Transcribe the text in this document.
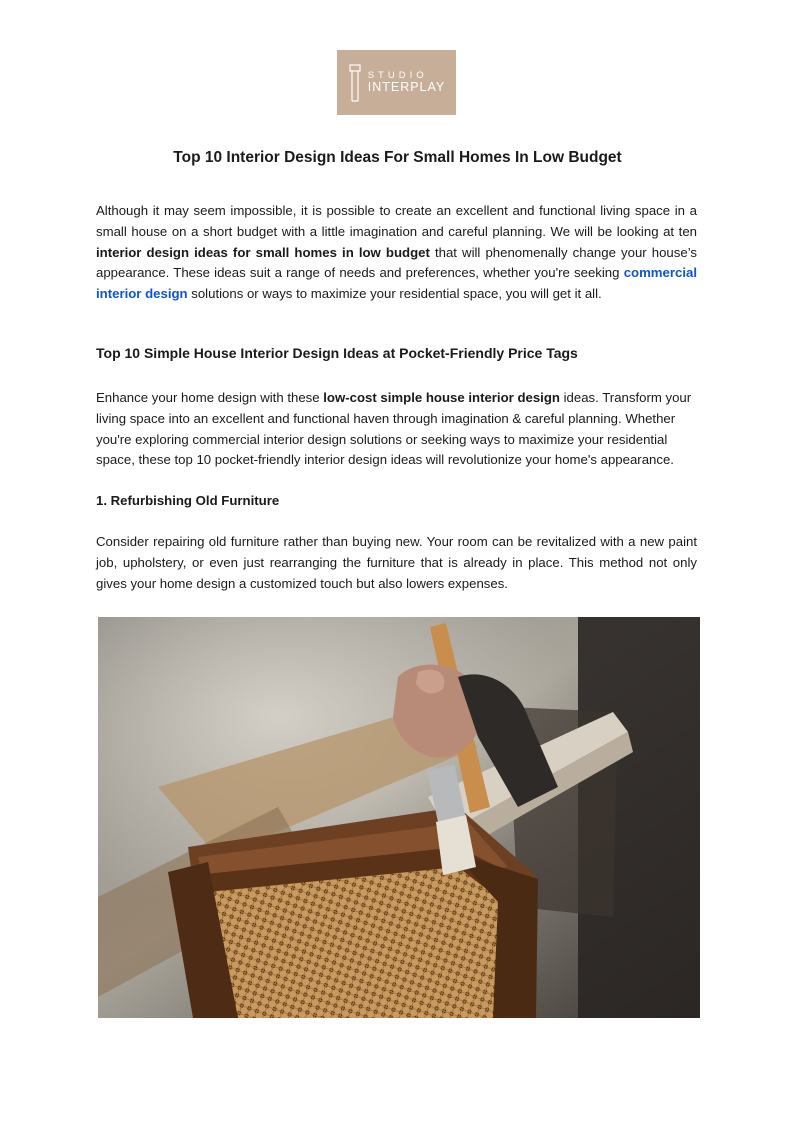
STUDIO
INTERPLAY
Top 10 Interior Design Ideas For Small Homes In Low Budget

Although it may seem impossible, it is possible to create an excellent and functional living space in a small house on a short budget with a little imagination and careful planning. We will be looking at ten interior design ideas for small homes in low budget that will phenomenally change your house’s appearance. These ideas suit a range of needs and preferences, whether you're seeking commercial interior design solutions or ways to maximize your residential space, you will get it all.

Top 10 Simple House Interior Design Ideas at Pocket-Friendly Price Tags

Enhance your home design with these low-cost simple house interior design ideas. Transform your living space into an excellent and functional haven through imagination & careful planning. Whether you're exploring commercial interior design solutions or seeking ways to maximize your residential space, these top 10 pocket-friendly interior design ideas will revolutionize your home's appearance.

1. Refurbishing Old Furniture

Consider repairing old furniture rather than buying new. Your room can be revitalized with a new paint job, upholstery, or even just rearranging the furniture that is already in place. This method not only gives your home design a customized touch but also lowers expenses.
